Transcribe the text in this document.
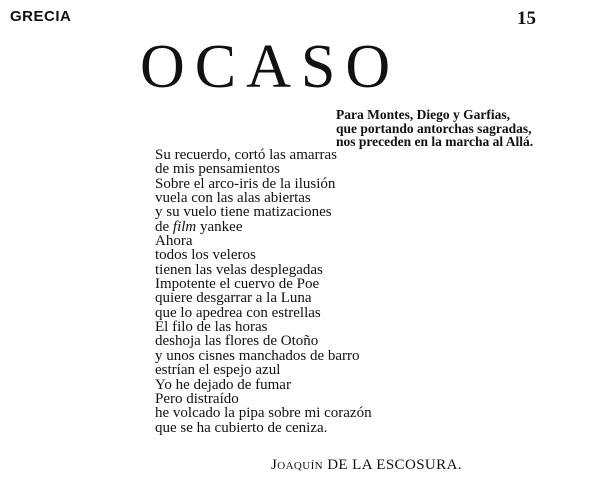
GRECIA	15
OCASO
Para Montes, Diego y Garfias,
que portando antorchas sagradas,
nos preceden en la marcha al Allá.
Su recuerdo, cortó las amarras
de mis pensamientos
Sobre el arco-iris de la ilusión
vuela con las alas abiertas
y su vuelo tiene matizaciones
de film yankee
Ahora
todos los veleros
tienen las velas desplegadas
Impotente el cuervo de Poe
quiere desgarrar a la Luna
que lo apedrea con estrellas
El filo de las horas
deshoja las flores de Otoño
y unos cisnes manchados de barro
estrían el espejo azul
Yo he dejado de fumar
Pero distraído
he volcado la pipa sobre mi corazón
que se ha cubierto de ceniza.
Joaquín DE LA ESCOSURA.
